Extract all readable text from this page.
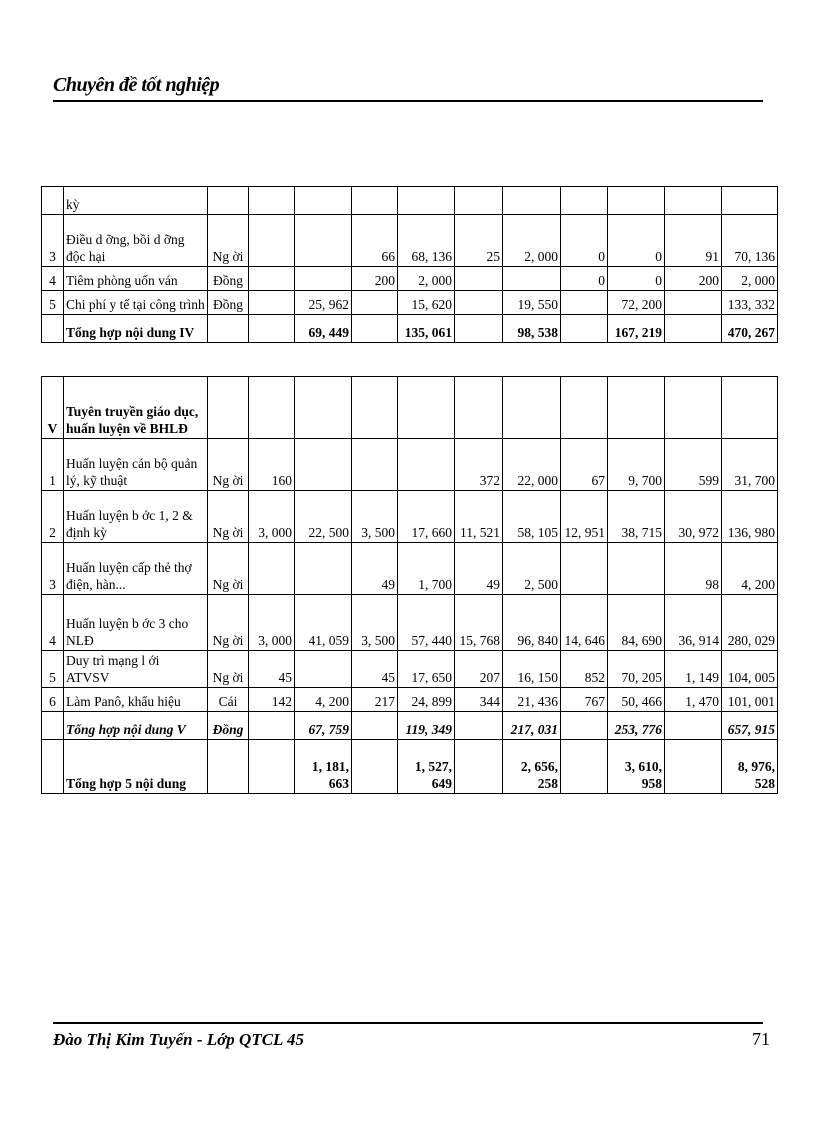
Chuyên đề tốt nghiệp
	kỳ											
3	Điều d ỡng, bồi d ỡng độc hại	Ng ời			66	68, 136	25	2, 000	0	0	91	70, 136
4	Tiêm phòng uốn ván	Đồng			200	2, 000			0	0	200	2, 000
5	Chi phí y tế tại công trình	Đồng		25, 962		15, 620		19, 550		72, 200		133, 332
	Tổng hợp nội dung IV			69, 449		135, 061		98, 538		167, 219		470, 267
V	Tuyên truyền giáo dục, huấn luyện về BHLĐ											
1	Huấn luyện cán bộ quản lý, kỹ thuật	Ng ời	160				372	22, 000	67	9, 700	599	31, 700
2	Huấn luyện b ớc 1, 2 & định kỳ	Ng ời	3, 000	22, 500	3, 500	17, 660	11, 521	58, 105	12, 951	38, 715	30, 972	136, 980
3	Huấn luyện cấp thẻ thợ điện, hàn...	Ng ời			49	1, 700	49	2, 500			98	4, 200
4	Huấn luyện b ớc 3 cho NLĐ	Ng ời	3, 000	41, 059	3, 500	57, 440	15, 768	96, 840	14, 646	84, 690	36, 914	280, 029
5	Duy trì mạng l ới ATVSV	Ng ời	45		45	17, 650	207	16, 150	852	70, 205	1, 149	104, 005
6	Làm Panô, khẩu hiệu	Cái	142	4, 200	217	24, 899	344	21, 436	767	50, 466	1, 470	101, 001
	Tổng hợp nội dung V	Đồng		67, 759		119, 349		217, 031		253, 776		657, 915
	Tổng hợp 5 nội dung			1, 181, 663		1, 527, 649		2, 656, 258		3, 610, 958		8, 976, 528
Đào Thị Kim Tuyến - Lớp QTCL 45	71
